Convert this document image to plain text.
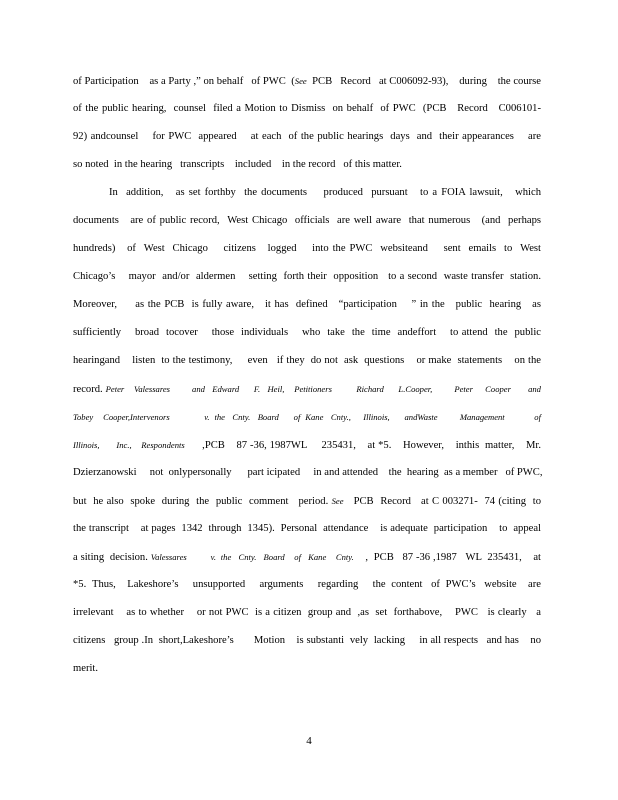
of Participation    as a Party ,” on behalf   of PWC  (See  PCB   Record   at C006092-93),    during    the course
of the public hearing,  counsel  filed a Motion to Dismiss  on behalf  of PWC  (PCB   Record   C006101-
92) andcounsel    for PWC  appeared    at each  of the public hearings  days  and  their appearances    are
so noted  in the hearing   transcripts    included    in the record   of this matter.
In  addition,   as set forthby  the documents    produced  pursuant   to a FOIA lawsuit,   which
documents   are of public record,  West Chicago  officials  are well aware  that numerous   (and  perhaps
hundreds)   of  West  Chicago    citizens   logged    into the PWC  websiteand    sent  emails  to  West
Chicago’s    mayor  and/or  aldermen    setting  forth their  opposition   to a second  waste transfer  station.
Moreover,     as the PCB  is fully aware,   it has  defined   “participation    ” in the   public  hearing   as
sufficiently    broad  tocover    those  individuals    who  take  the  time  andeffort    to attend  the  public
hearingand    listen  to the testimony,     even   if they  do not  ask  questions    or make  statements    on the
record. Peter    Valessares         and   Edward      F.   Heil,    Petitioners          Richard      L.Cooper,         Peter     Cooper       and
Tobey    Cooper,Intervenors              v.  the   Cnty.   Board      of  Kane   Cnty.,     Illinois,      andWaste         Management            of
Illinois,       Inc.,    Respondents      ,PCB    87 -36, 1987WL     235431,    at *5.    However,    inthis  matter,    Mr.
Dzierzanowski     not  onlypersonally      part icipated     in and attended    the  hearing  as a member   of PWC,
but  he also  spoke  during  the  public  comment   period. See   PCB  Record   at C 003271-  74 (citing  to
the transcript    at pages  1342  through  1345).  Personal  attendance    is adequate  participation    to  appeal
a siting  decision. Valessares          v.  the   Cnty.   Board    of   Kane    Cnty.    ,  PCB   87 -36 ,1987   WL  235431,    at
*5.  Thus,    Lakeshore’s     unsupported     arguments     regarding     the  content   of  PWC’s   website    are
irrelevant    as to whether    or not PWC  is a citizen  group and  ,as  set  forthabove,    PWC   is clearly   a
citizens   group .In  short,Lakeshore’s       Motion    is substanti  vely  lacking     in all respects   and has    no
merit.
4
